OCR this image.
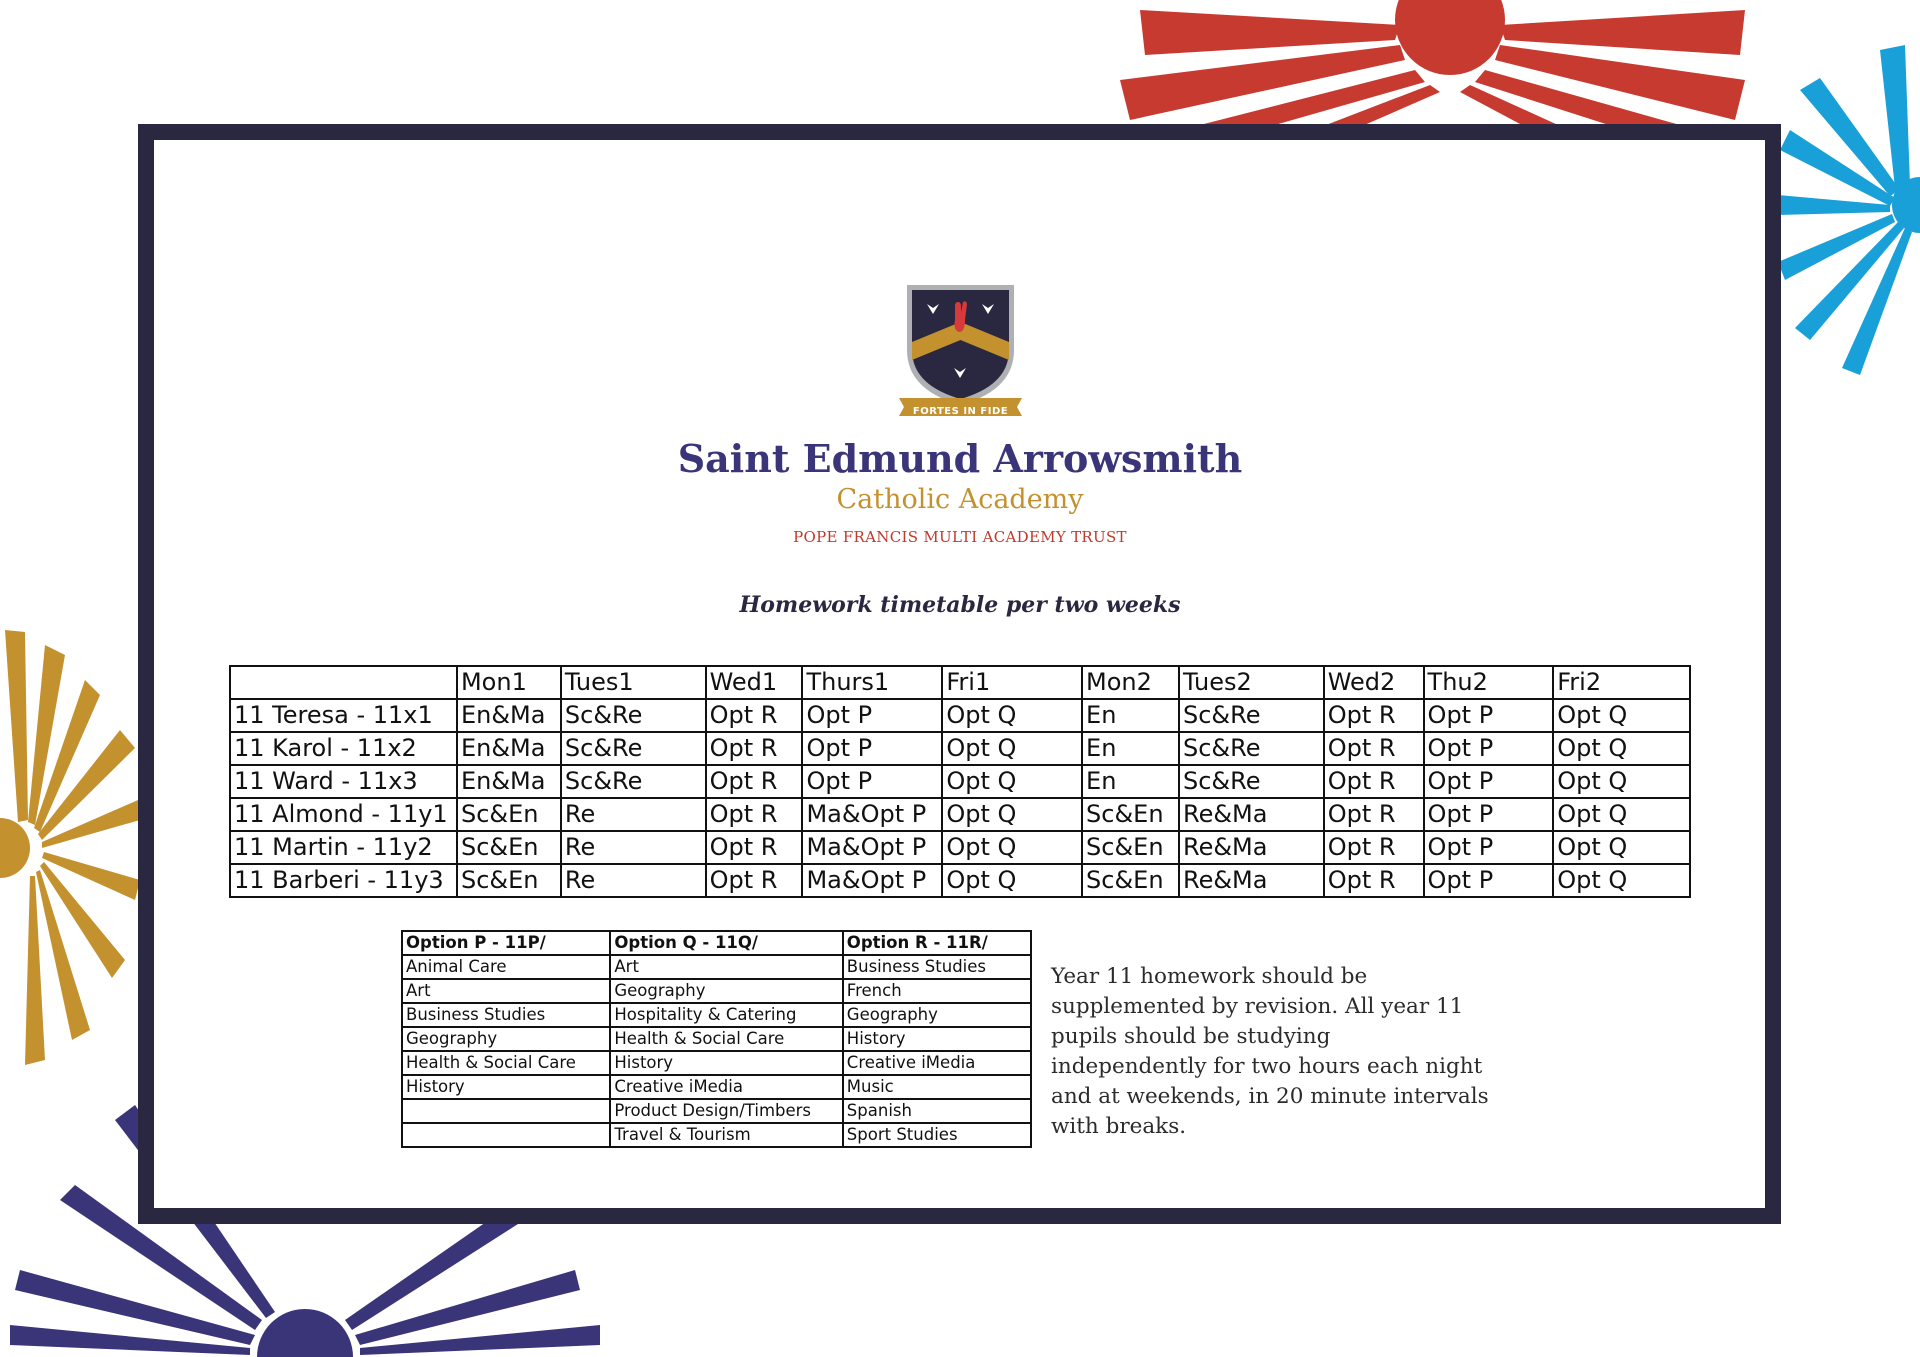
FORTES IN FIDE
Saint Edmund Arrowsmith
Catholic Academy
POPE FRANCIS MULTI ACADEMY TRUST
Homework timetable per two weeks
	Mon1	Tues1	Wed1	Thurs1	Fri1	Mon2	Tues2	Wed2	Thu2	Fri2
11 Teresa - 11x1	En&Ma	Sc&Re	Opt R	Opt P	Opt Q	En	Sc&Re	Opt R	Opt P	Opt Q
11 Karol - 11x2	En&Ma	Sc&Re	Opt R	Opt P	Opt Q	En	Sc&Re	Opt R	Opt P	Opt Q
11 Ward - 11x3	En&Ma	Sc&Re	Opt R	Opt P	Opt Q	En	Sc&Re	Opt R	Opt P	Opt Q
11 Almond - 11y1	Sc&En	Re	Opt R	Ma&Opt P	Opt Q	Sc&En	Re&Ma	Opt R	Opt P	Opt Q
11 Martin - 11y2	Sc&En	Re	Opt R	Ma&Opt P	Opt Q	Sc&En	Re&Ma	Opt R	Opt P	Opt Q
11 Barberi - 11y3	Sc&En	Re	Opt R	Ma&Opt P	Opt Q	Sc&En	Re&Ma	Opt R	Opt P	Opt Q
Option P - 11P/	Option Q - 11Q/	Option R - 11R/
Animal Care	Art	Business Studies
Art	Geography	French
Business Studies	Hospitality & Catering	Geography
Geography	Health & Social Care	History
Health & Social Care	History	Creative iMedia
History	Creative iMedia	Music
	Product Design/Timbers	Spanish
	Travel & Tourism	Sport Studies
Year 11 homework should be supplemented by revision. All year 11 pupils should be studying independently for two hours each night and at weekends, in 20 minute intervals with breaks.
